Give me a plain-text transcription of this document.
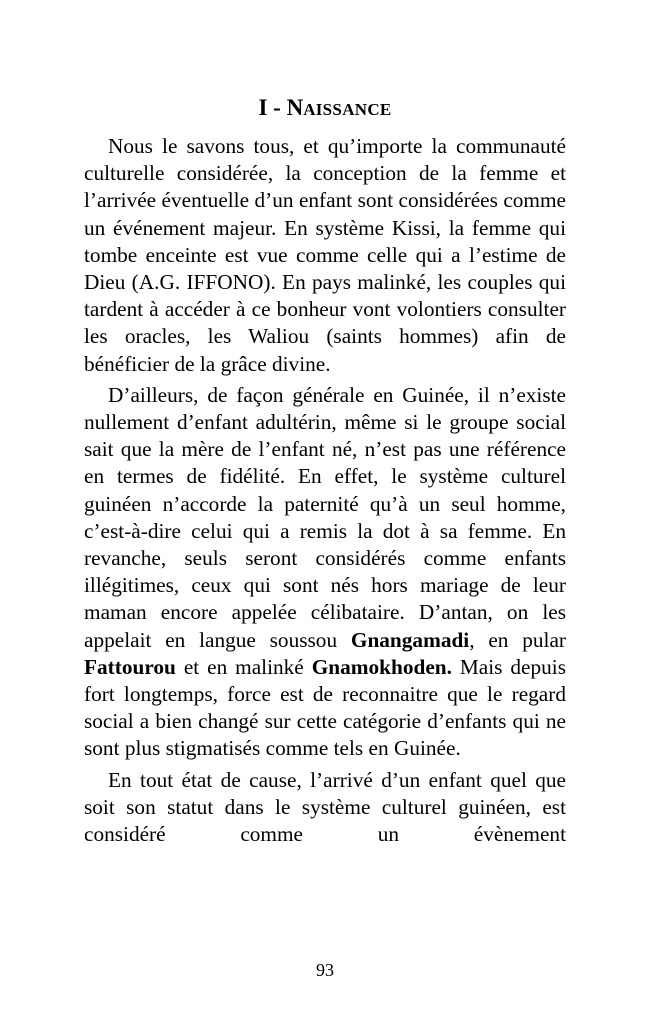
I - NAISSANCE

Nous le savons tous, et qu’importe la communauté culturelle considérée, la conception de la femme et l’arrivée éventuelle d’un enfant sont considérées comme un événement majeur. En système Kissi, la femme qui tombe enceinte est vue comme celle qui a l’estime de Dieu (A.G. IFFONO). En pays malinké, les couples qui tardent à accéder à ce bonheur vont volontiers consulter les oracles, les Waliou (saints hommes) afin de bénéficier de la grâce divine.

D’ailleurs, de façon générale en Guinée, il n’existe nullement d’enfant adultérin, même si le groupe social sait que la mère de l’enfant né, n’est pas une référence en termes de fidélité. En effet, le système culturel guinéen n’accorde la paternité qu’à un seul homme, c’est-à-dire celui qui a remis la dot à sa femme. En revanche, seuls seront considérés comme enfants illégitimes, ceux qui sont nés hors mariage de leur maman encore appelée célibataire. D’antan, on les appelait en langue soussou Gnangamadi, en pular Fattourou et en malinké Gnamokhoden. Mais depuis fort longtemps, force est de reconnaitre que le regard social a bien changé sur cette catégorie d’enfants qui ne sont plus stigmatisés comme tels en Guinée.

En tout état de cause, l’arrivé d’un enfant quel que soit son statut dans le système culturel guinéen, est considéré comme un évènement

93
